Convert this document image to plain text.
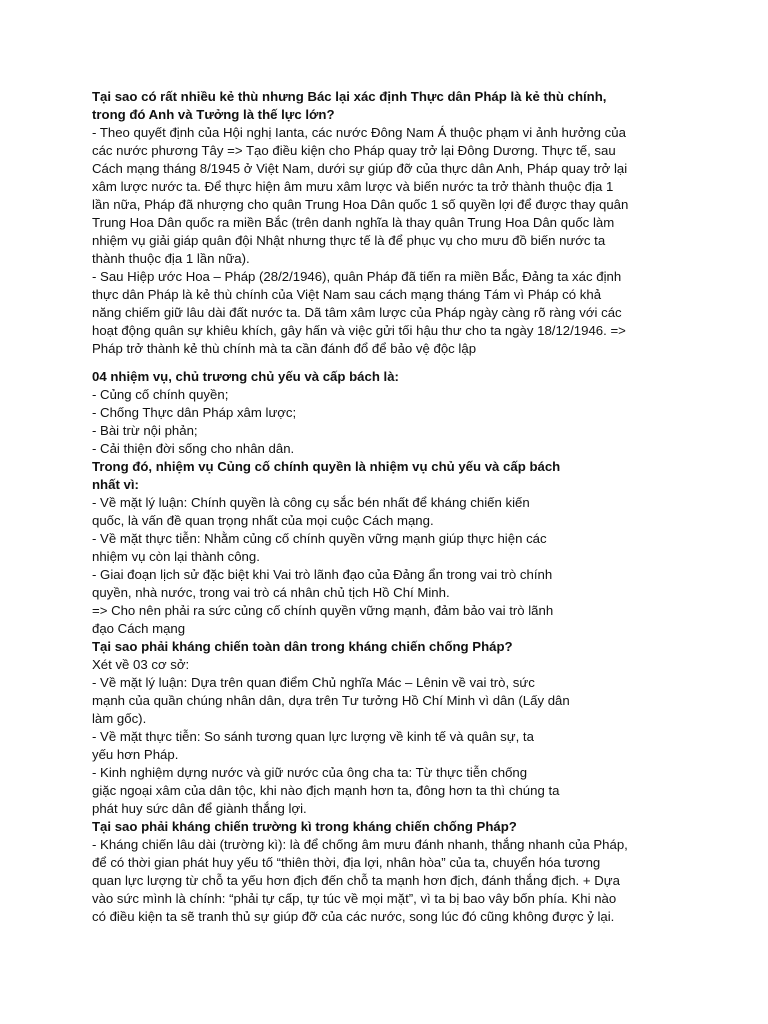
Tại sao có rất nhiều kẻ thù nhưng Bác lại xác định Thực dân Pháp là kẻ thù chính,
trong đó Anh và Tưởng là thế lực lớn?
- Theo quyết định của Hội nghị Ianta, các nước Đông Nam Á thuộc phạm vi ảnh hưởng của
các nước phương Tây => Tạo điều kiện cho Pháp quay trở lại Đông Dương. Thực tế, sau
Cách mạng tháng 8/1945 ở Việt Nam, dưới sự giúp đỡ của thực dân Anh, Pháp quay trở lại
xâm lược nước ta. Để thực hiện âm mưu xâm lược và biến nước ta trở thành thuộc địa 1
lần nữa, Pháp đã nhượng cho quân Trung Hoa Dân quốc 1 số quyền lợi để được thay quân
Trung Hoa Dân quốc ra miền Bắc (trên danh nghĩa là thay quân Trung Hoa Dân quốc làm
nhiệm vụ giải giáp quân đội Nhật nhưng thực tế là để phục vụ cho mưu đồ biến nước ta
thành thuộc địa 1 lần nữa).
- Sau Hiệp ước Hoa – Pháp (28/2/1946), quân Pháp đã tiến ra miền Bắc, Đảng ta xác định
thực dân Pháp là kẻ thù chính của Việt Nam sau cách mạng tháng Tám vì Pháp có khả
năng chiếm giữ lâu dài đất nước ta. Dã tâm xâm lược của Pháp ngày càng rõ ràng với các
hoạt động quân sự khiêu khích, gây hấn và việc gửi tối hậu thư cho ta ngày 18/12/1946. =>
Pháp trở thành kẻ thù chính mà ta cần đánh đổ để bảo vệ độc lập
04 nhiệm vụ, chủ trương chủ yếu và cấp bách là:
- Củng cố chính quyền;
- Chống Thực dân Pháp xâm lược;
- Bài trừ nội phản;
- Cải thiện đời sống cho nhân dân.
Trong đó, nhiệm vụ Củng cố chính quyền là nhiệm vụ chủ yếu và cấp bách
nhất vì:
- Về mặt lý luận: Chính quyền là công cụ sắc bén nhất để kháng chiến kiến
quốc, là vấn đề quan trọng nhất của mọi cuộc Cách mạng.
- Về mặt thực tiễn: Nhằm củng cố chính quyền vững mạnh giúp thực hiện các
nhiệm vụ còn lại thành công.
- Giai đoạn lịch sử đặc biệt khi Vai trò lãnh đạo của Đảng ẩn trong vai trò chính
quyền, nhà nước, trong vai trò cá nhân chủ tịch Hồ Chí Minh.
=> Cho nên phải ra sức củng cố chính quyền vững mạnh, đảm bảo vai trò lãnh
đạo Cách mạng
Tại sao phải kháng chiến toàn dân trong kháng chiến chống Pháp?
Xét về 03 cơ sở:
- Về mặt lý luận: Dựa trên quan điểm Chủ nghĩa Mác – Lênin về vai trò, sức
mạnh của quần chúng nhân dân, dựa trên Tư tưởng Hồ Chí Minh vì dân (Lấy dân
làm gốc).
- Về mặt thực tiễn: So sánh tương quan lực lượng về kinh tế và quân sự, ta
yếu hơn Pháp.
- Kinh nghiệm dựng nước và giữ nước của ông cha ta: Từ thực tiễn chống
giặc ngoại xâm của dân tộc, khi nào địch mạnh hơn ta, đông hơn ta thì chúng ta
phát huy sức dân để giành thắng lợi.
Tại sao phải kháng chiến trường kì trong kháng chiến chống Pháp?
- Kháng chiến lâu dài (trường kì): là để chống âm mưu đánh nhanh, thắng nhanh của Pháp,
để có thời gian phát huy yếu tố “thiên thời, địa lợi, nhân hòa” của ta, chuyển hóa tương
quan lực lượng từ chỗ ta yếu hơn địch đến chỗ ta mạnh hơn địch, đánh thắng địch. + Dựa
vào sức mình là chính: “phải tự cấp, tự túc về mọi mặt”, vì ta bị bao vây bốn phía. Khi nào
có điều kiện ta sẽ tranh thủ sự giúp đỡ của các nước, song lúc đó cũng không được ỷ lại.
